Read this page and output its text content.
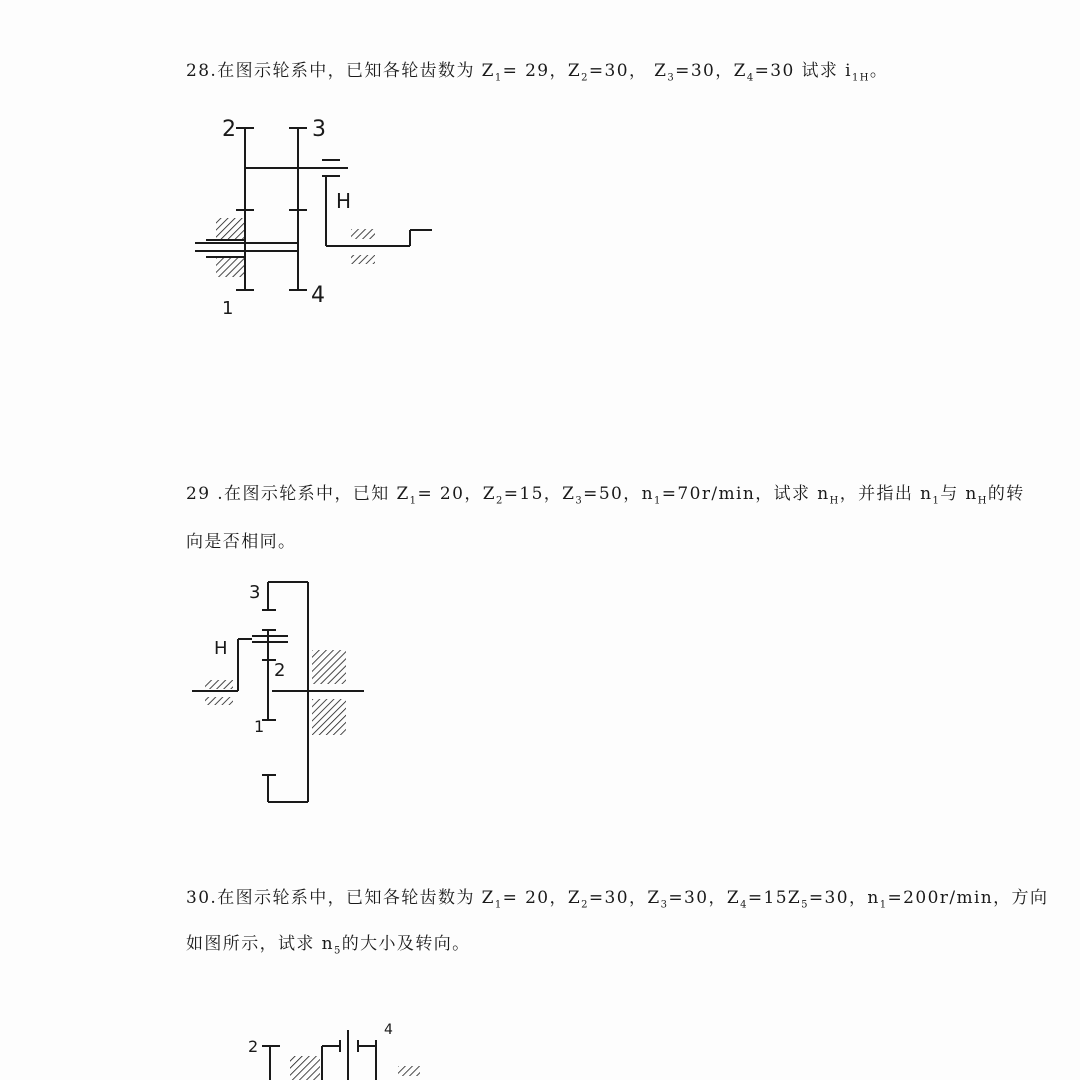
28.在图示轮系中，已知各轮齿数为 $Z_1= 29$，$Z_2=30$， $Z_3=30$，$Z_4=30$ 试求 $i_{1H}$。
29 .在图示轮系中，已知 $Z_1= 20$，$Z_2=15$，$Z_3=50$，$n_1=70r/\min$，试求 $n_H$，并指出 $n_1$与 $n_H$的转
向是否相同。
30.在图示轮系中，已知各轮齿数为 $Z_1= 20$，$Z_2=30$，$Z_3=30$，$Z_4=15Z_5=30$，$n_1=200r/\min$，方向
如图所示，试求 $n_5$的大小及转向。
2	3
H
1
4
3
H
2
1
2
4
